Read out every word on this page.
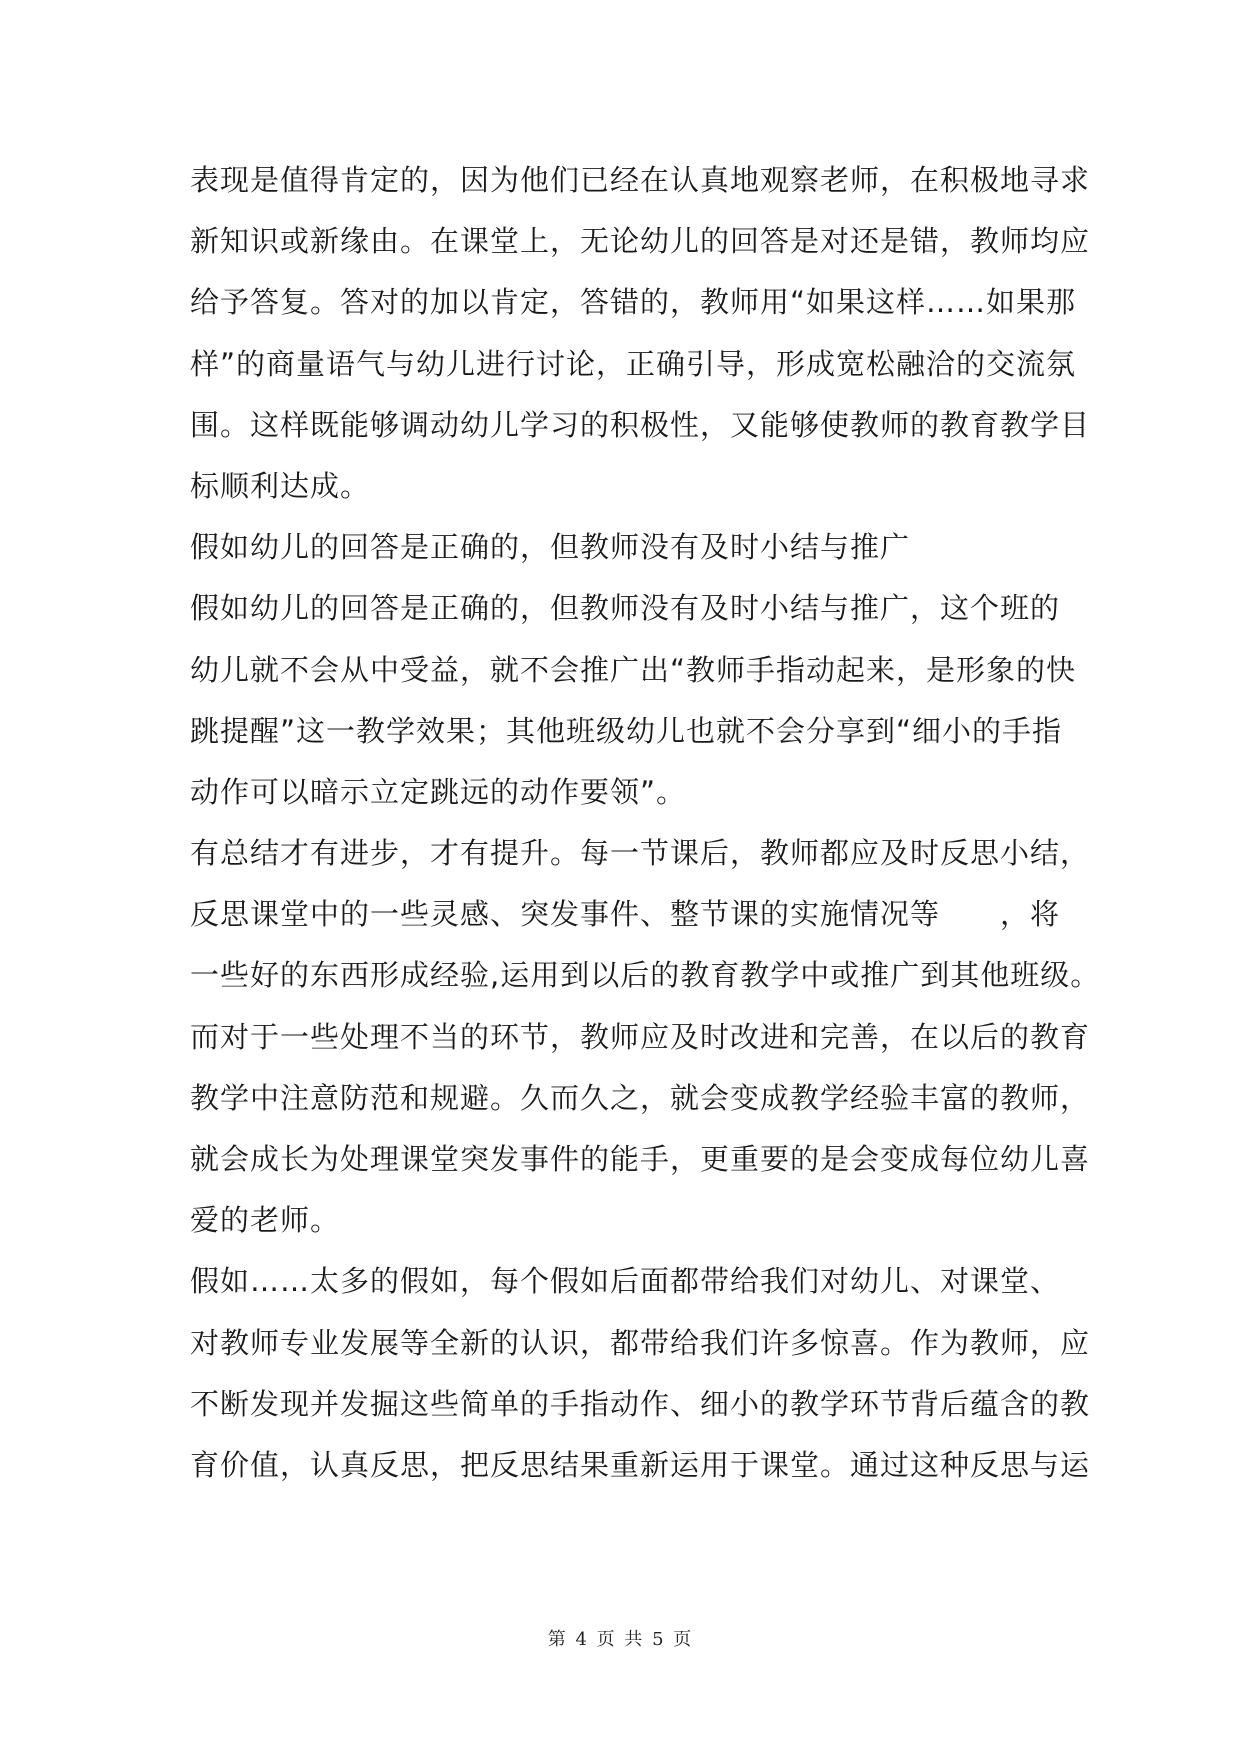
表现是值得肯定的，因为他们已经在认真地观察老师，在积极地寻求
新知识或新缘由。在课堂上，无论幼儿的回答是对还是错，教师均应
给予答复。答对的加以肯定，答错的，教师用“如果这样……如果那
样”的商量语气与幼儿进行讨论，正确引导，形成宽松融洽的交流氛
围。这样既能够调动幼儿学习的积极性，又能够使教师的教育教学目
标顺利达成。
假如幼儿的回答是正确的，但教师没有及时小结与推广
假如幼儿的回答是正确的，但教师没有及时小结与推广，这个班的
幼儿就不会从中受益，就不会推广出“教师手指动起来，是形象的快
跳提醒”这一教学效果；其他班级幼儿也就不会分享到“细小的手指
动作可以暗示立定跳远的动作要领”。
有总结才有进步，才有提升。每一节课后，教师都应及时反思小结，
反思课堂中的一些灵感、突发事件、整节课的实施情况等　　，将
一些好的东西形成经验,运用到以后的教育教学中或推广到其他班级。
而对于一些处理不当的环节，教师应及时改进和完善，在以后的教育
教学中注意防范和规避。久而久之，就会变成教学经验丰富的教师，
就会成长为处理课堂突发事件的能手，更重要的是会变成每位幼儿喜
爱的老师。
假如……太多的假如，每个假如后面都带给我们对幼儿、对课堂、
对教师专业发展等全新的认识，都带给我们许多惊喜。作为教师，应
不断发现并发掘这些简单的手指动作、细小的教学环节背后蕴含的教
育价值，认真反思，把反思结果重新运用于课堂。通过这种反思与运
第 4 页 共 5 页
